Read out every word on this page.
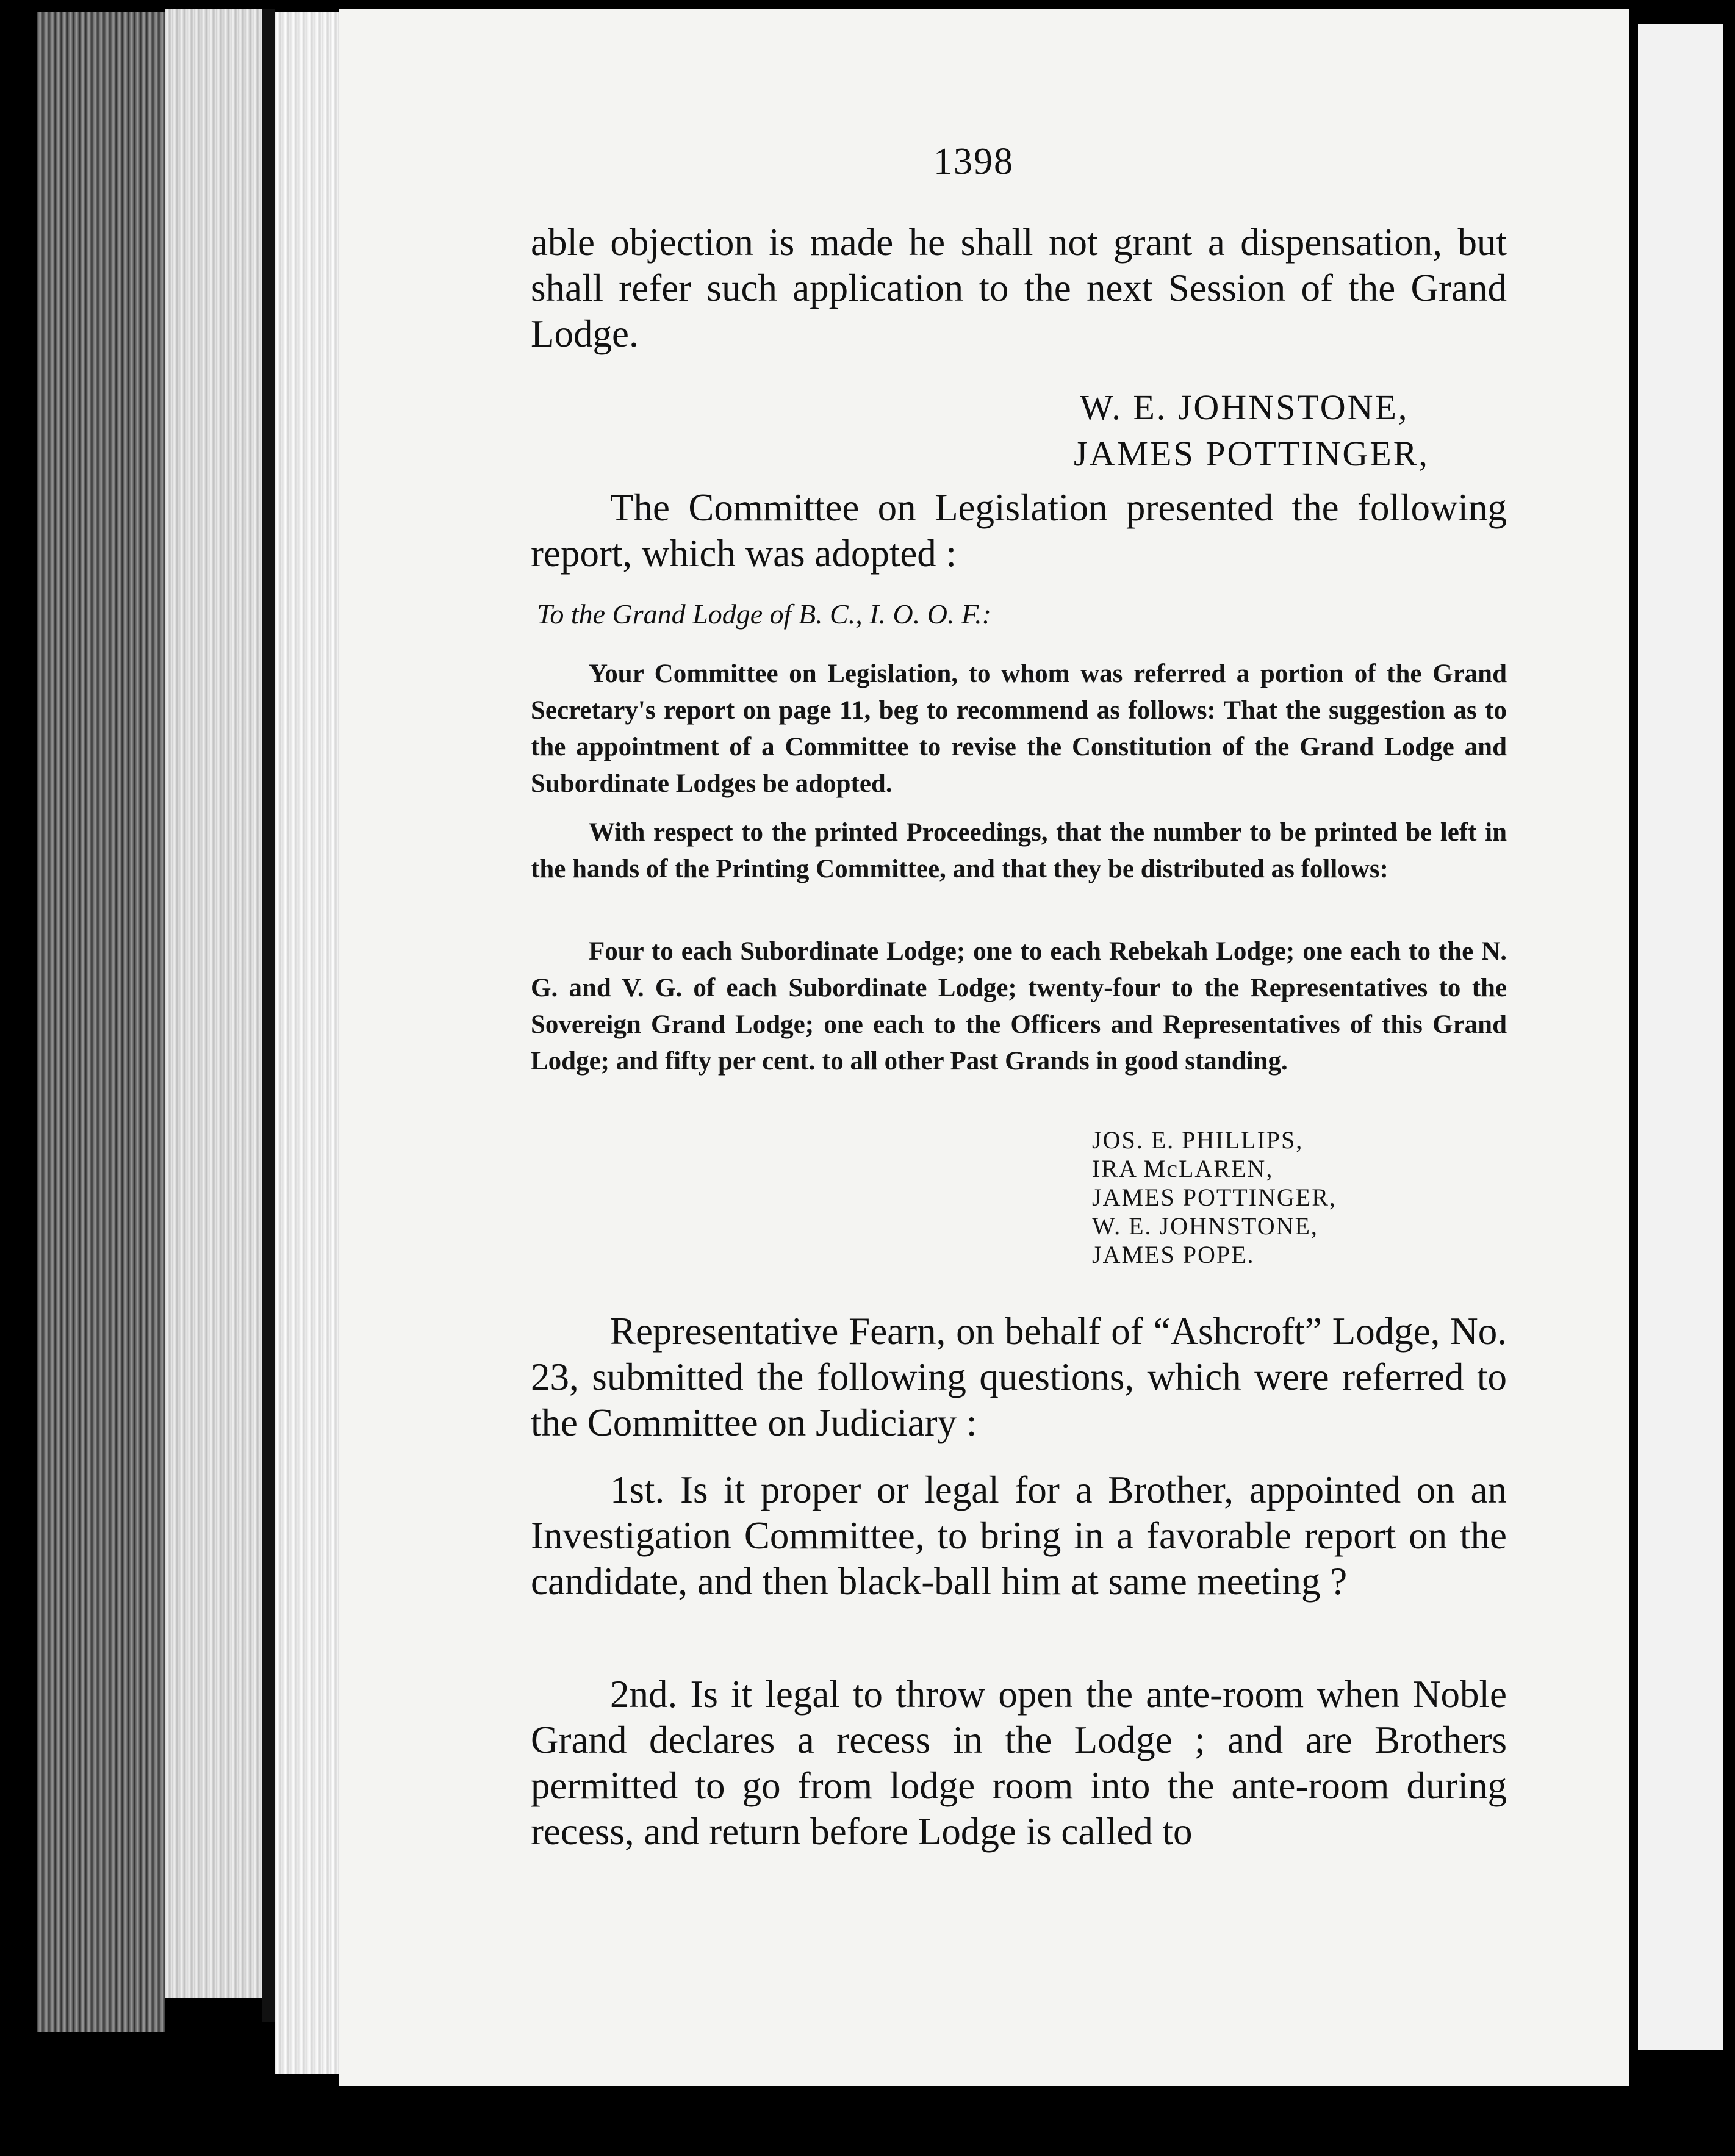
1398
able objection is made he shall not grant a dispensation, but shall refer such application to the next Session of the Grand Lodge.
W. E. JOHNSTONE,
JAMES POTTINGER,
The Committee on Legislation presented the following report, which was adopted :
To the Grand Lodge of B. C., I. O. O. F.:
Your Committee on Legislation, to whom was referred a portion of the Grand Secretary's report on page 11, beg to recommend as follows: That the suggestion as to the appointment of a Committee to revise the Constitution of the Grand Lodge and Subordinate Lodges be adopted.
With respect to the printed Proceedings, that the number to be printed be left in the hands of the Printing Committee, and that they be distributed as follows:
Four to each Subordinate Lodge; one to each Rebekah Lodge; one each to the N. G. and V. G. of each Subordinate Lodge; twenty-four to the Representatives to the Sovereign Grand Lodge; one each to the Officers and Representatives of this Grand Lodge; and fifty per cent. to all other Past Grands in good standing.
JOS. E. PHILLIPS,
IRA McLAREN,
JAMES POTTINGER,
W. E. JOHNSTONE,
JAMES POPE.
Representative Fearn, on behalf of “Ashcroft” Lodge, No. 23, submitted the following questions, which were referred to the Committee on Judiciary :
1st. Is it proper or legal for a Brother, appointed on an Investigation Committee, to bring in a favorable report on the candidate, and then black-ball him at same meeting ?
2nd. Is it legal to throw open the ante-room when Noble Grand declares a recess in the Lodge ; and are Brothers permitted to go from lodge room into the ante-room during recess, and return before Lodge is called to
